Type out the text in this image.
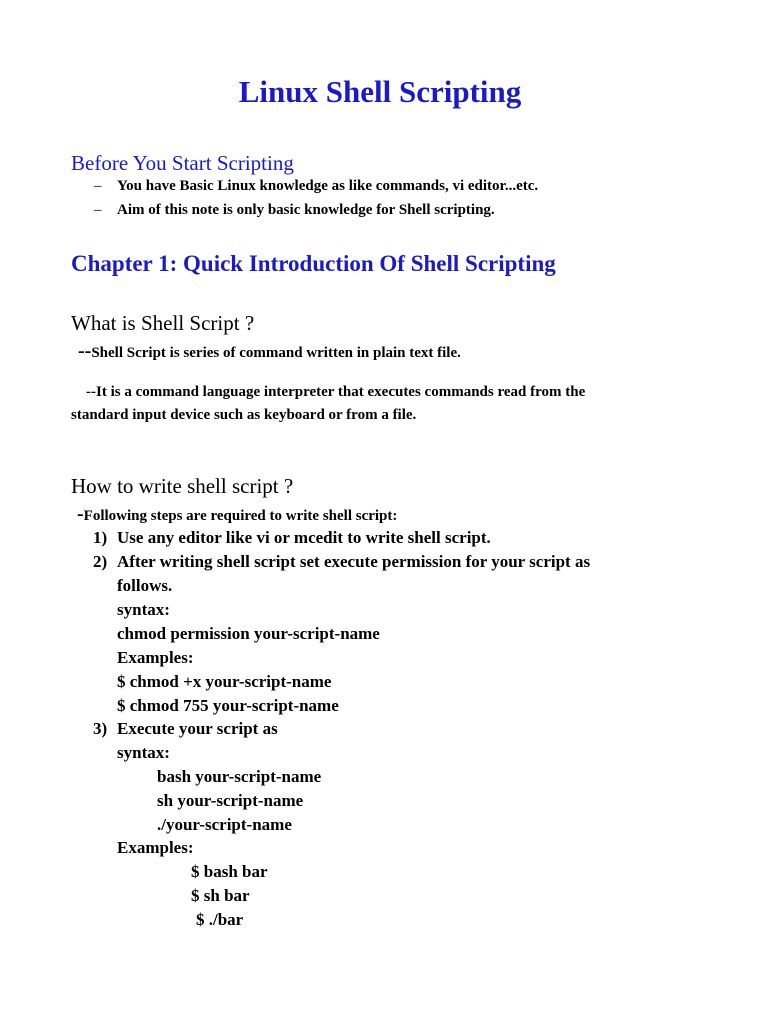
Linux Shell Scripting
Before You Start Scripting
– You have Basic Linux knowledge as like commands, vi editor...etc.
– Aim of this note is only basic knowledge for Shell scripting.
Chapter 1: Quick Introduction Of Shell Scripting
What is Shell Script ?
--Shell Script is series of command written in plain text file.
--It is a command language interpreter that executes commands read from the
standard input device such as keyboard or from a file.
How to write shell script ?
-Following steps are required to write shell script:
1) Use any editor like vi or mcedit to write shell script.
2) After writing shell script set execute permission for your script as
follows.
syntax:
chmod permission your-script-name
Examples:
$ chmod +x your-script-name
$ chmod 755 your-script-name
3) Execute your script as
syntax:
bash your-script-name
sh your-script-name
./your-script-name
Examples:
$ bash bar
$ sh bar
$ ./bar
